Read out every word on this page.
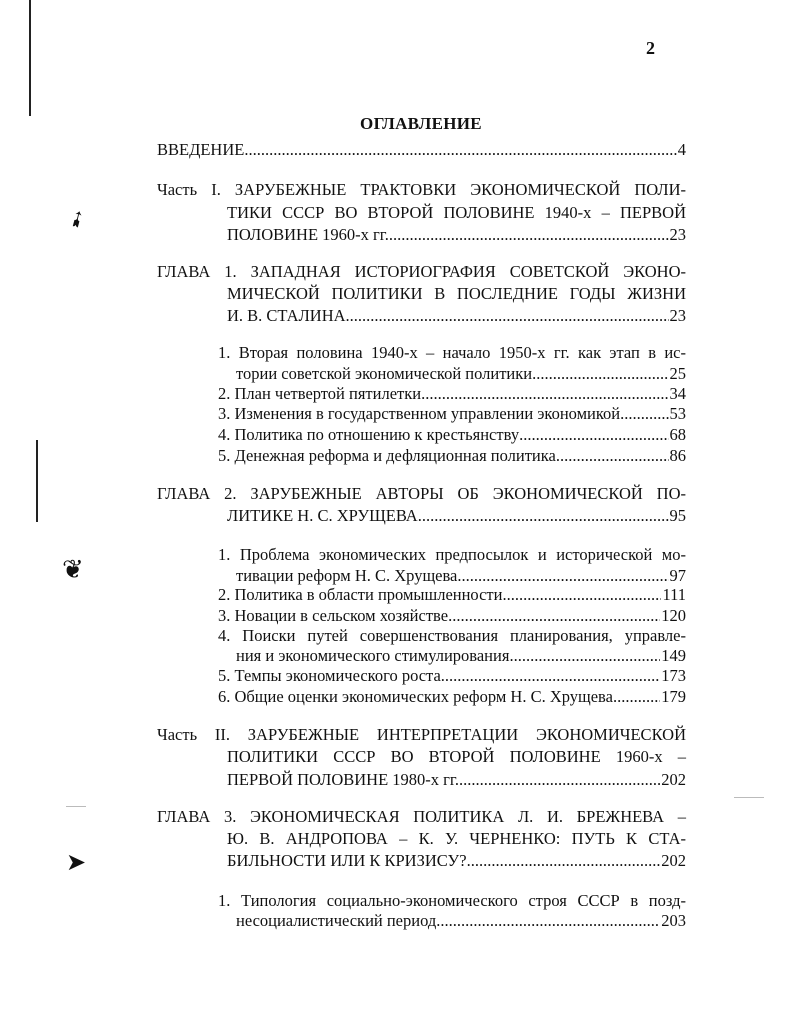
➹
❦
➤
2
ОГЛАВЛЕНИЕ
ВВЕДЕНИЕ .....	4
Часть I. ЗАРУБЕЖНЫЕ ТРАКТОВКИ ЭКОНОМИЧЕСКОЙ ПОЛИ-
ТИКИ СССР ВО ВТОРОЙ ПОЛОВИНЕ 1940-х – ПЕРВОЙ
ПОЛОВИНЕ 1960-х гг. .....	23
ГЛАВА 1. ЗАПАДНАЯ ИСТОРИОГРАФИЯ СОВЕТСКОЙ ЭКОНО-
МИЧЕСКОЙ ПОЛИТИКИ В ПОСЛЕДНИЕ ГОДЫ ЖИЗНИ
И. В. СТАЛИНА .....	23
1. Вторая половина 1940-х – начало 1950-х гг. как этап в ис-
тории советской экономической политики .....	25
2. План четвертой пятилетки .....	34
3. Изменения в государственном управлении экономикой .....	53
4. Политика по отношению к крестьянству .....	68
5. Денежная реформа и дефляционная политика .....	86
ГЛАВА 2. ЗАРУБЕЖНЫЕ АВТОРЫ ОБ ЭКОНОМИЧЕСКОЙ ПО-
ЛИТИКЕ Н. С. ХРУЩЕВА .....	95
1. Проблема экономических предпосылок и исторической мо-
тивации реформ Н. С. Хрущева .....	97
2. Политика в области промышленности .....	111
3. Новации в сельском хозяйстве .....	120
4. Поиски путей совершенствования планирования, управле-
ния и экономического стимулирования .....	149
5. Темпы экономического роста .....	173
6. Общие оценки экономических реформ Н. С. Хрущева .....	179
Часть II. ЗАРУБЕЖНЫЕ ИНТЕРПРЕТАЦИИ ЭКОНОМИЧЕСКОЙ
ПОЛИТИКИ СССР ВО ВТОРОЙ ПОЛОВИНЕ 1960-х –
ПЕРВОЙ ПОЛОВИНЕ 1980-х гг. .....	202
ГЛАВА 3. ЭКОНОМИЧЕСКАЯ ПОЛИТИКА Л. И. БРЕЖНЕВА –
Ю. В. АНДРОПОВА – К. У. ЧЕРНЕНКО: ПУТЬ К СТА-
БИЛЬНОСТИ ИЛИ К КРИЗИСУ? .....	202
1. Типология социально-экономического строя СССР в позд-
несоциалистический период .....	203
